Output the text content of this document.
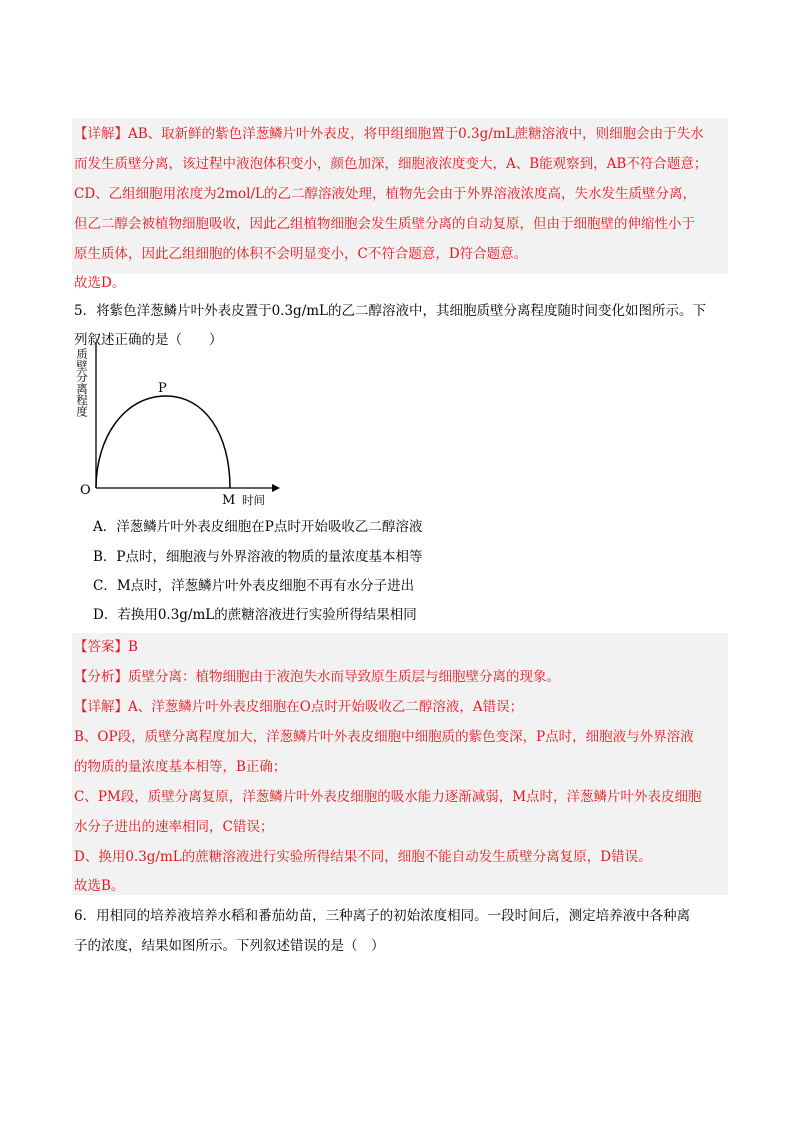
【详解】AB、取新鲜的紫色洋葱鳞片叶外表皮，将甲组细胞置于0.3g/mL蔗糖溶液中，则细胞会由于失水
而发生质壁分离，该过程中液泡体积变小，颜色加深，细胞液浓度变大，A、B能观察到，AB不符合题意；
CD、乙组细胞用浓度为2mol/L的乙二醇溶液处理，植物先会由于外界溶液浓度高，失水发生质壁分离，
但乙二醇会被植物细胞吸收，因此乙组植物细胞会发生质壁分离的自动复原，但由于细胞壁的伸缩性小于
原生质体，因此乙组细胞的体积不会明显变小，C不符合题意，D符合题意。
故选D。
5．将紫色洋葱鳞片叶外表皮置于0.3g/mL的乙二醇溶液中，其细胞质壁分离程度随时间变化如图所示。下
列叙述正确的是（　　）
质壁分离程度	P
O
M 时间
A．洋葱鳞片叶外表皮细胞在P点时开始吸收乙二醇溶液
B．P点时，细胞液与外界溶液的物质的量浓度基本相等
C．M点时，洋葱鳞片叶外表皮细胞不再有水分子进出
D．若换用0.3g/mL的蔗糖溶液进行实验所得结果相同
【答案】B
【分析】质壁分离：植物细胞由于液泡失水而导致原生质层与细胞壁分离的现象。
【详解】A、洋葱鳞片叶外表皮细胞在O点时开始吸收乙二醇溶液，A错误；
B、OP段，质壁分离程度加大，洋葱鳞片叶外表皮细胞中细胞质的紫色变深，P点时，细胞液与外界溶液
的物质的量浓度基本相等，B正确；
C、PM段，质壁分离复原，洋葱鳞片叶外表皮细胞的吸水能力逐渐减弱，M点时，洋葱鳞片叶外表皮细胞
水分子进出的速率相同，C错误；
D、换用0.3g/mL的蔗糖溶液进行实验所得结果不同，细胞不能自动发生质壁分离复原，D错误。
故选B。
6．用相同的培养液培养水稻和番茄幼苗，三种离子的初始浓度相同。一段时间后，测定培养液中各种离
子的浓度，结果如图所示。下列叙述错误的是（　）
